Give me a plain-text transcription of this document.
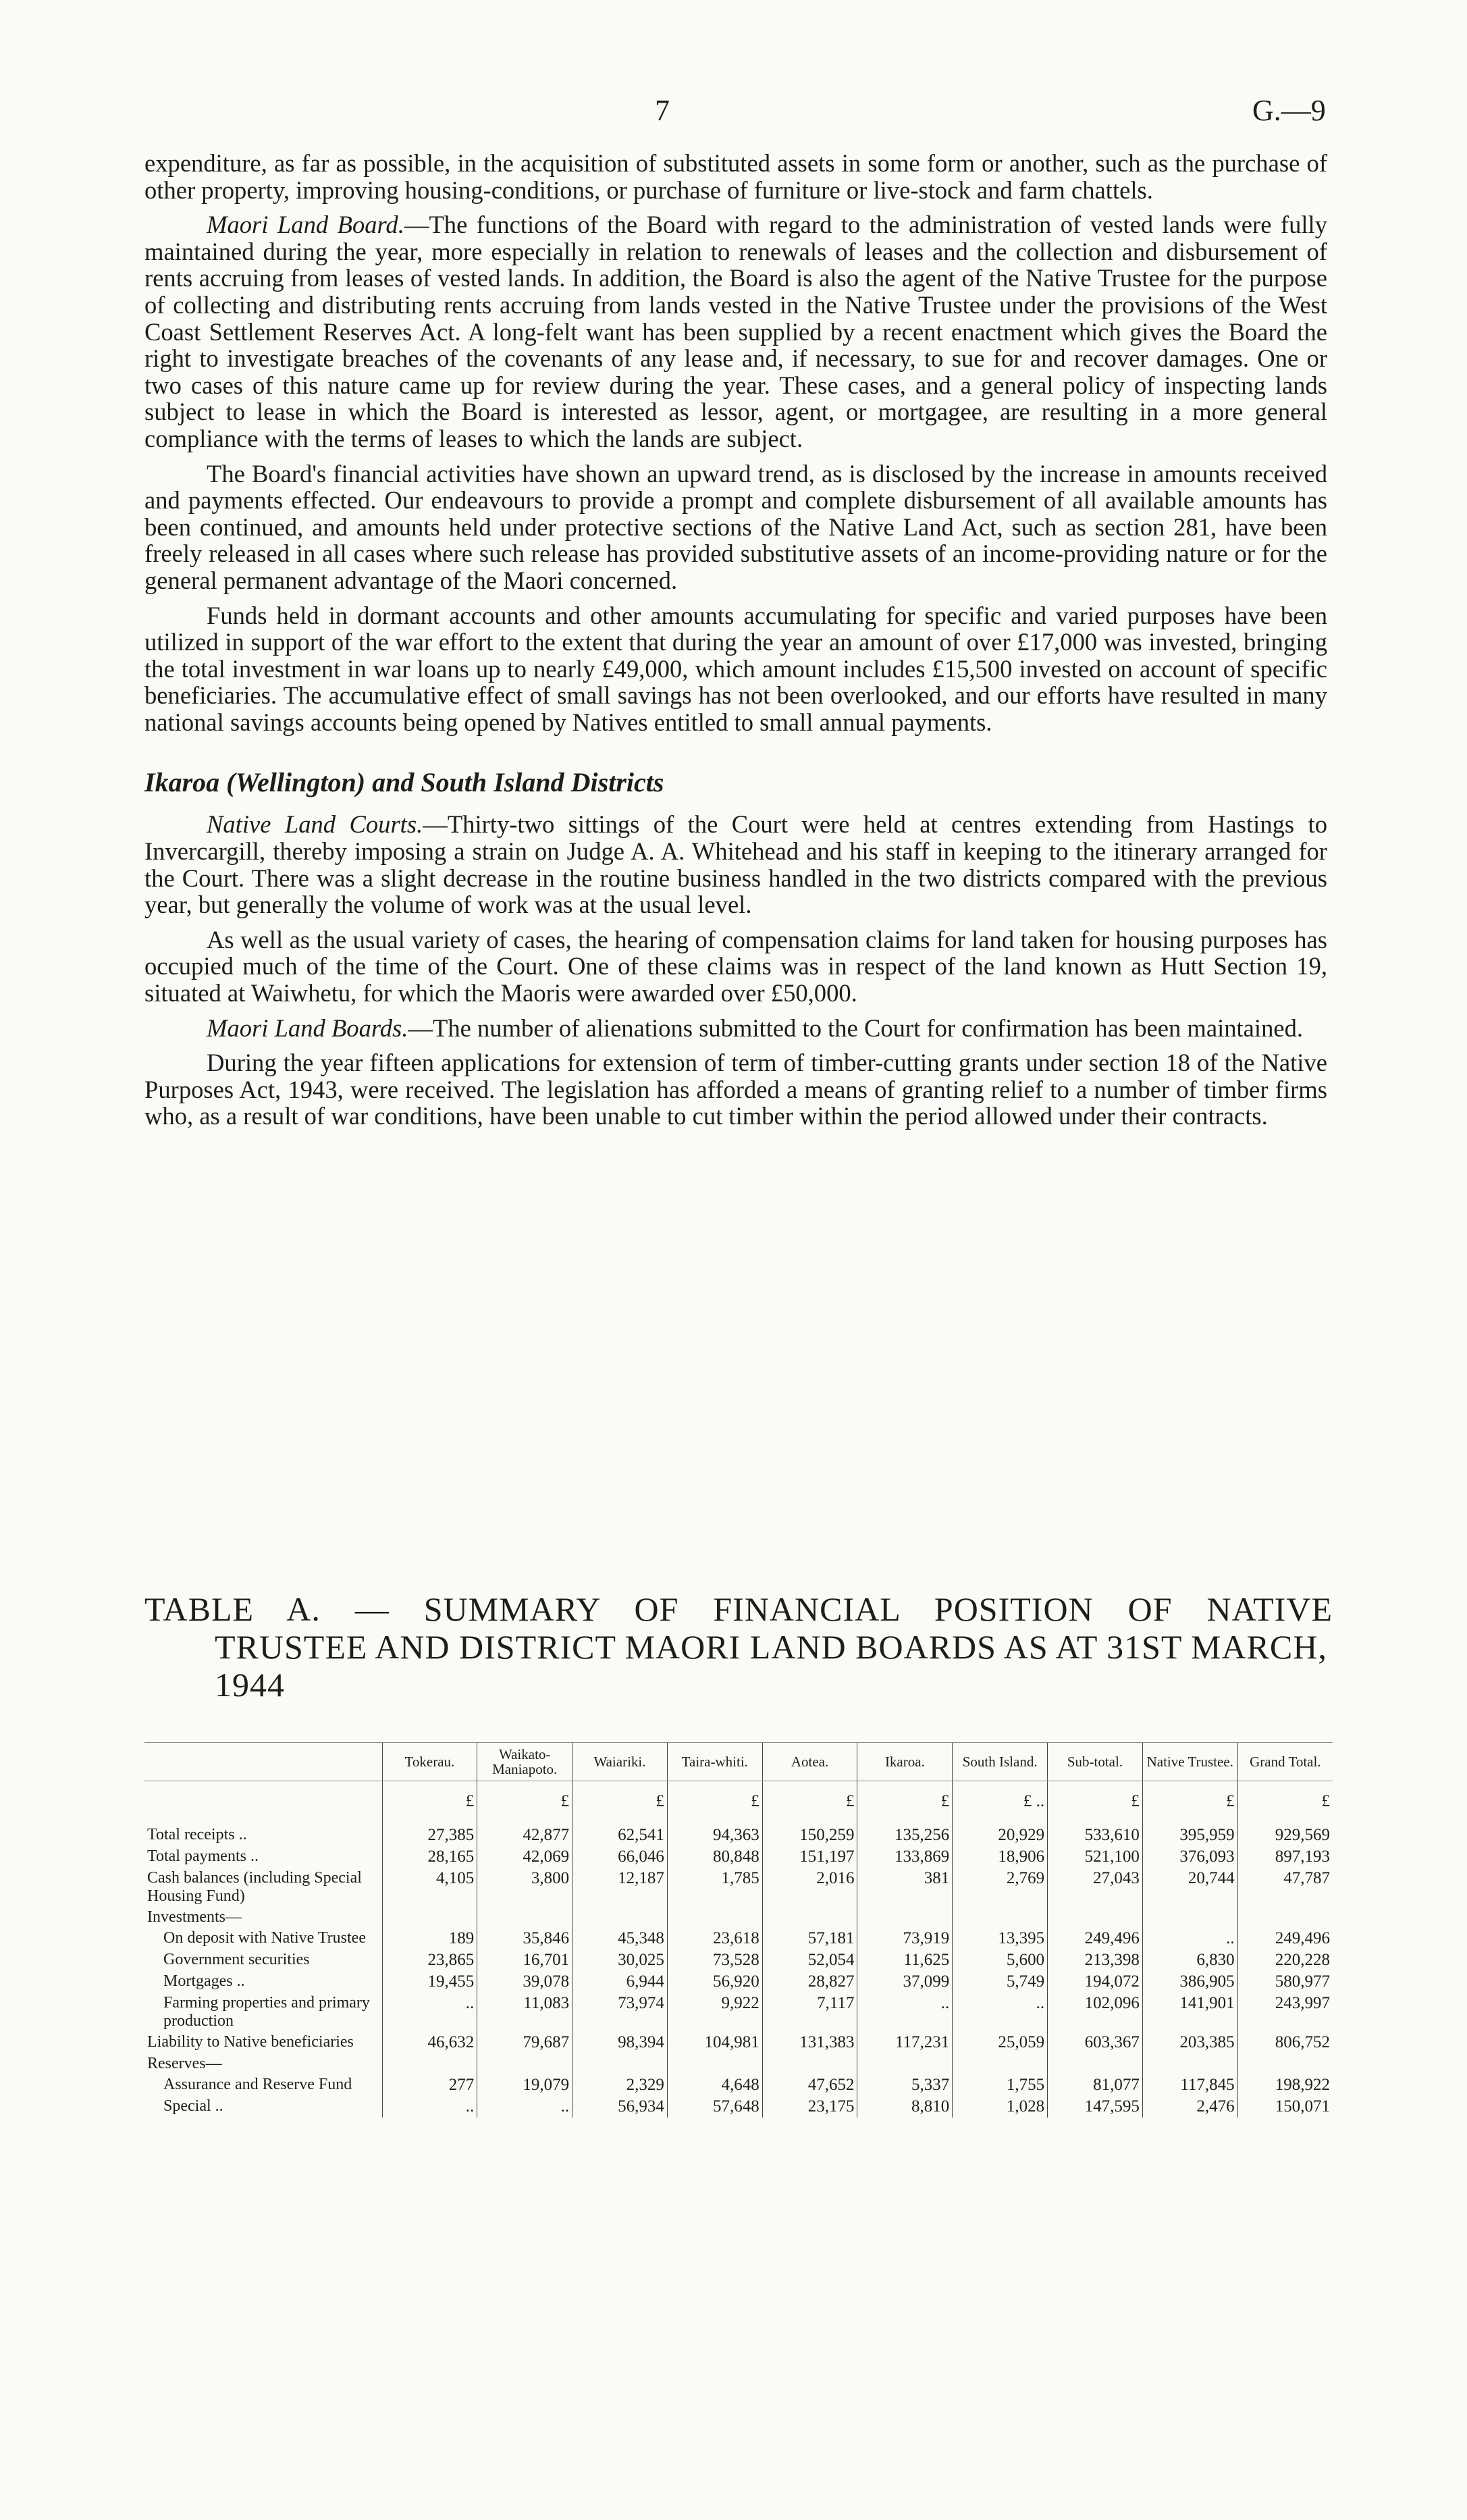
7	G.—9

expenditure, as far as possible, in the acquisition of substituted assets in some form or another, such as the purchase of other property, improving housing-conditions, or purchase of furniture or live-stock and farm chattels.

Maori Land Board.—The functions of the Board with regard to the administration of vested lands were fully maintained during the year, more especially in relation to renewals of leases and the collection and disbursement of rents accruing from leases of vested lands. In addition, the Board is also the agent of the Native Trustee for the purpose of collecting and distributing rents accruing from lands vested in the Native Trustee under the provisions of the West Coast Settlement Reserves Act. A long-felt want has been supplied by a recent enactment which gives the Board the right to investigate breaches of the covenants of any lease and, if necessary, to sue for and recover damages. One or two cases of this nature came up for review during the year. These cases, and a general policy of inspecting lands subject to lease in which the Board is interested as lessor, agent, or mortgagee, are resulting in a more general compliance with the terms of leases to which the lands are subject.

The Board's financial activities have shown an upward trend, as is disclosed by the increase in amounts received and payments effected. Our endeavours to provide a prompt and complete disbursement of all available amounts has been continued, and amounts held under protective sections of the Native Land Act, such as section 281, have been freely released in all cases where such release has provided substitutive assets of an income-providing nature or for the general permanent advantage of the Maori concerned.

Funds held in dormant accounts and other amounts accumulating for specific and varied purposes have been utilized in support of the war effort to the extent that during the year an amount of over £17,000 was invested, bringing the total investment in war loans up to nearly £49,000, which amount includes £15,500 invested on account of specific beneficiaries. The accumulative effect of small savings has not been overlooked, and our efforts have resulted in many national savings accounts being opened by Natives entitled to small annual payments.

Ikaroa (Wellington) and South Island Districts

Native Land Courts.—Thirty-two sittings of the Court were held at centres extending from Hastings to Invercargill, thereby imposing a strain on Judge A. A. Whitehead and his staff in keeping to the itinerary arranged for the Court. There was a slight decrease in the routine business handled in the two districts compared with the previous year, but generally the volume of work was at the usual level.

As well as the usual variety of cases, the hearing of compensation claims for land taken for housing purposes has occupied much of the time of the Court. One of these claims was in respect of the land known as Hutt Section 19, situated at Waiwhetu, for which the Maoris were awarded over £50,000.

Maori Land Boards.—The number of alienations submitted to the Court for confirmation has been maintained.

During the year fifteen applications for extension of term of timber-cutting grants under section 18 of the Native Purposes Act, 1943, were received. The legislation has afforded a means of granting relief to a number of timber firms who, as a result of war conditions, have been unable to cut timber within the period allowed under their contracts.

TABLE A. — SUMMARY OF FINANCIAL POSITION OF NATIVE
TRUSTEE AND DISTRICT MAORI LAND BOARDS AS AT 31ST MARCH, 1944
	Tokerau.	Waikato-Maniapoto.	Waiariki.	Taira-whiti.	Aotea.	Ikaroa.	South Island.	Sub-total.	Native Trustee.	Grand Total.
	£	£	£	£	£	£	£ ..	£	£	£

Total receipts ..	27,385	42,877	62,541	94,363	150,259	135,256	20,929	533,610	395,959	929,569
Total payments ..	28,165	42,069	66,046	80,848	151,197	133,869	18,906	521,100	376,093	897,193
Cash balances (including Special Housing Fund)	4,105	3,800	12,187	1,785	2,016	381	2,769	27,043	20,744	47,787
Investments—										
On deposit with Native Trustee	189	35,846	45,348	23,618	57,181	73,919	13,395	249,496	..	249,496
Government securities	23,865	16,701	30,025	73,528	52,054	11,625	5,600	213,398	6,830	220,228
Mortgages ..	19,455	39,078	6,944	56,920	28,827	37,099	5,749	194,072	386,905	580,977
Farming properties and primary production	..	11,083	73,974	9,922	7,117	..	..	102,096	141,901	243,997
Liability to Native beneficiaries	46,632	79,687	98,394	104,981	131,383	117,231	25,059	603,367	203,385	806,752
Reserves—										
Assurance and Reserve Fund	277	19,079	2,329	4,648	47,652	5,337	1,755	81,077	117,845	198,922
Special ..	..	..	56,934	57,648	23,175	8,810	1,028	147,595	2,476	150,071
